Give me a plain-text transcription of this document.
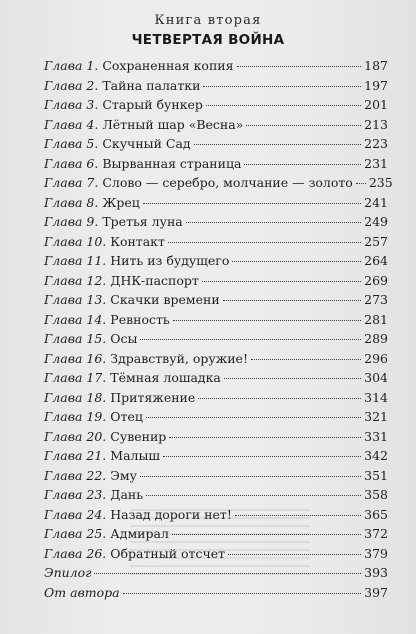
Книга вторая
ЧЕТВЕРТАЯ ВОЙНА
Глава 1. Сохраненная копия	187
Глава 2. Тайна палатки	197
Глава 3. Старый бункер	201
Глава 4. Лётный шар «Весна»	213
Глава 5. Скучный Сад	223
Глава 6. Вырванная страница	231
Глава 7. Слово — серебро, молчание — золото 235
Глава 8. Жрец	241
Глава 9. Третья луна	249
Глава 10. Контакт	257
Глава 11. Нить из будущего	264
Глава 12. ДНК-паспорт	269
Глава 13. Скачки времени	273
Глава 14. Ревность	281
Глава 15. Осы	289
Глава 16. Здравствуй, оружие!	296
Глава 17. Тёмная лошадка	304
Глава 18. Притяжение	314
Глава 19. Отец	321
Глава 20. Сувенир	331
Глава 21. Малыш	342
Глава 22. Эму	351
Глава 23. Дань	358
Глава 24. Назад дороги нет!	365
Глава 25. Адмирал	372
Глава 26. Обратный отсчет	379
Эпилог	393
От автора	397
